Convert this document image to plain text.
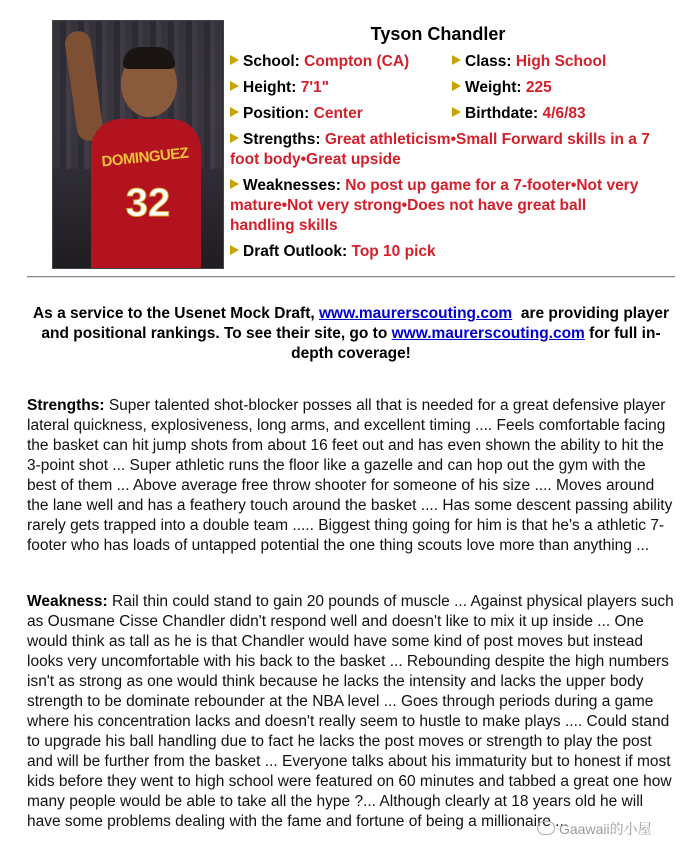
DOMINGUEZ
32
Tyson Chandler
School: Compton (CA)	Class: High School
Height: 7'1"	Weight: 225
Position: Center	Birthdate: 4/6/83
Strengths: Great athleticism•Small Forward skills in a 7 foot body•Great upside
Weaknesses: No post up game for a 7-footer•Not very mature•Not very strong•Does not have great ball handling skills
Draft Outlook: Top 10 pick
As a service to the Usenet Mock Draft, www.maurerscouting.com are providing player and positional rankings. To see their site, go to www.maurerscouting.com for full in-depth coverage!
Strengths: Super talented shot-blocker posses all that is needed for a great defensive player lateral quickness, explosiveness, long arms, and excellent timing .... Feels comfortable facing the basket can hit jump shots from about 16 feet out and has even shown the ability to hit the 3-point shot ... Super athletic runs the floor like a gazelle and can hop out the gym with the best of them ... Above average free throw shooter for someone of his size .... Moves around the lane well and has a feathery touch around the basket .... Has some descent passing ability rarely gets trapped into a double team ..... Biggest thing going for him is that he's a athletic 7-footer who has loads of untapped potential the one thing scouts love more than anything ...
Weakness: Rail thin could stand to gain 20 pounds of muscle ... Against physical players such as Ousmane Cisse Chandler didn't respond well and doesn't like to mix it up inside ... One would think as tall as he is that Chandler would have some kind of post moves but instead looks very uncomfortable with his back to the basket ... Rebounding despite the high numbers isn't as strong as one would think because he lacks the intensity and lacks the upper body strength to be dominate rebounder at the NBA level ... Goes through periods during a game where his concentration lacks and doesn't really seem to hustle to make plays .... Could stand to upgrade his ball handling due to fact he lacks the post moves or strength to play the post and will be further from the basket ... Everyone talks about his immaturity but to honest if most kids before they went to high school were featured on 60 minutes and tabbed a great one how many people would be able to take all the hype ?... Although clearly at 18 years old he will have some problems dealing with the fame and fortune of being a millionaire ...
Gaawaii的小屋
